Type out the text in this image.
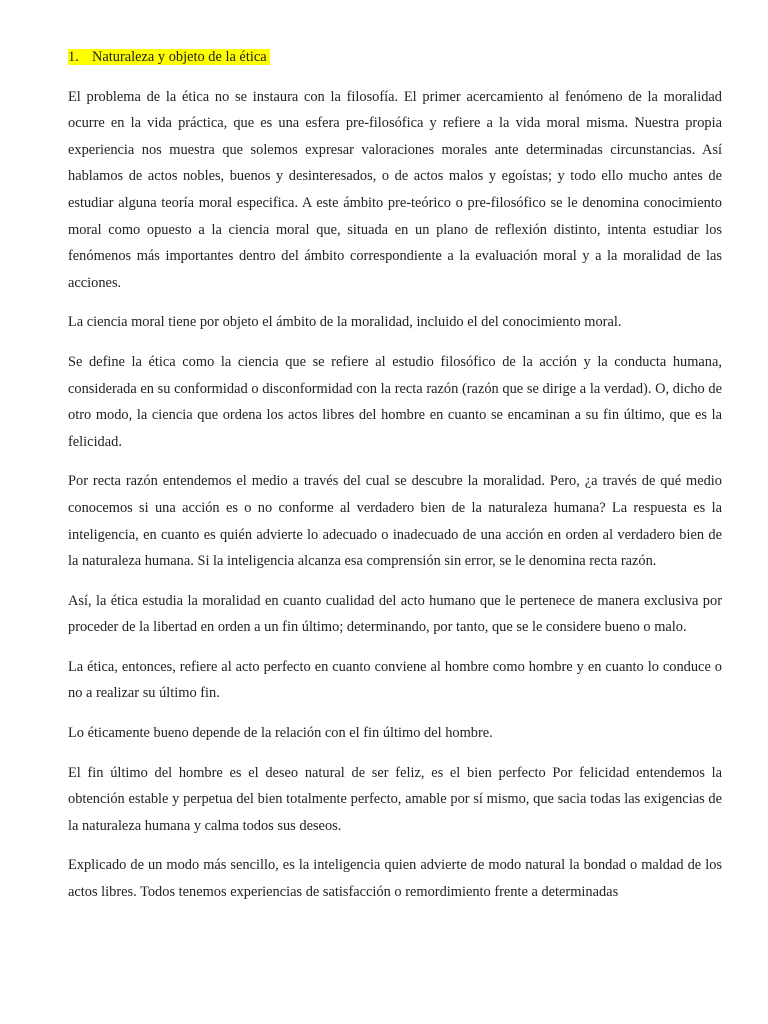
1. Naturaleza y objeto de la ética

El problema de la ética no se instaura con la filosofía. El primer acercamiento al fenómeno de la moralidad ocurre en la vida práctica, que es una esfera pre-filosófica y refiere a la vida moral misma. Nuestra propia experiencia nos muestra que solemos expresar valoraciones morales ante determinadas circunstancias. Así hablamos de actos nobles, buenos y desinteresados, o de actos malos y egoístas; y todo ello mucho antes de estudiar alguna teoría moral especifica. A este ámbito pre-teórico o pre-filosófico se le denomina conocimiento moral como opuesto a la ciencia moral que, situada en un plano de reflexión distinto, intenta estudiar los fenómenos más importantes dentro del ámbito correspondiente a la evaluación moral y a la moralidad de las acciones.

La ciencia moral tiene por objeto el ámbito de la moralidad, incluido el del conocimiento moral.

Se define la ética como la ciencia que se refiere al estudio filosófico de la acción y la conducta humana, considerada en su conformidad o disconformidad con la recta razón (razón que se dirige a la verdad). O, dicho de otro modo, la ciencia que ordena los actos libres del hombre en cuanto se encaminan a su fin último, que es la felicidad.

Por recta razón entendemos el medio a través del cual se descubre la moralidad. Pero, ¿a través de qué medio conocemos si una acción es o no conforme al verdadero bien de la naturaleza humana? La respuesta es la inteligencia, en cuanto es quién advierte lo adecuado o inadecuado de una acción en orden al verdadero bien de la naturaleza humana. Si la inteligencia alcanza esa comprensión sin error, se le denomina recta razón.

Así, la ética estudia la moralidad en cuanto cualidad del acto humano que le pertenece de manera exclusiva por proceder de la libertad en orden a un fin último; determinando, por tanto, que se le considere bueno o malo.

La ética, entonces, refiere al acto perfecto en cuanto conviene al hombre como hombre y en cuanto lo conduce o no a realizar su último fin.

Lo éticamente bueno depende de la relación con el fin último del hombre.

El fin último del hombre es el deseo natural de ser feliz, es el bien perfecto Por felicidad entendemos la obtención estable y perpetua del bien totalmente perfecto, amable por sí mismo, que sacia todas las exigencias de la naturaleza humana y calma todos sus deseos.

Explicado de un modo más sencillo, es la inteligencia quien advierte de modo natural la bondad o maldad de los actos libres. Todos tenemos experiencias de satisfacción o remordimiento frente a determinadas
